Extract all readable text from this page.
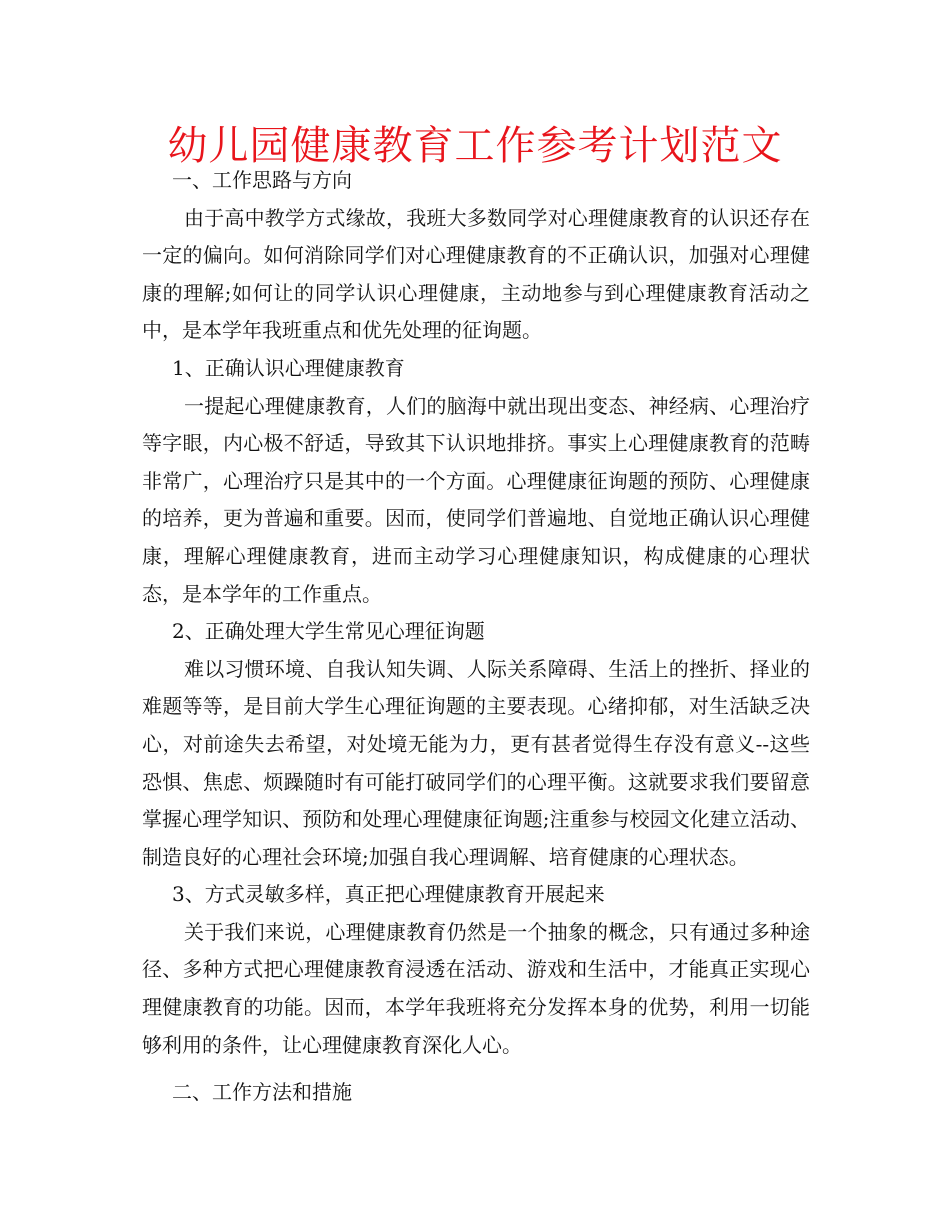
幼儿园健康教育工作参考计划范文

一、工作思路与方向

由于高中教学方式缘故，我班大多数同学对心理健康教育的认识还存在一定的偏向。如何消除同学们对心理健康教育的不正确认识，加强对心理健康的理解;如何让的同学认识心理健康，主动地参与到心理健康教育活动之中，是本学年我班重点和优先处理的征询题。

1、正确认识心理健康教育

一提起心理健康教育，人们的脑海中就出现出变态、神经病、心理治疗等字眼，内心极不舒适，导致其下认识地排挤。事实上心理健康教育的范畴非常广，心理治疗只是其中的一个方面。心理健康征询题的预防、心理健康的培养，更为普遍和重要。因而，使同学们普遍地、自觉地正确认识心理健康，理解心理健康教育，进而主动学习心理健康知识，构成健康的心理状态，是本学年的工作重点。

2、正确处理大学生常见心理征询题

难以习惯环境、自我认知失调、人际关系障碍、生活上的挫折、择业的难题等等，是目前大学生心理征询题的主要表现。心绪抑郁，对生活缺乏决心，对前途失去希望，对处境无能为力，更有甚者觉得生存没有意义--这些恐惧、焦虑、烦躁随时有可能打破同学们的心理平衡。这就要求我们要留意掌握心理学知识、预防和处理心理健康征询题;注重参与校园文化建立活动、制造良好的心理社会环境;加强自我心理调解、培育健康的心理状态。

3、方式灵敏多样，真正把心理健康教育开展起来

关于我们来说，心理健康教育仍然是一个抽象的概念，只有通过多种途径、多种方式把心理健康教育浸透在活动、游戏和生活中，才能真正实现心理健康教育的功能。因而，本学年我班将充分发挥本身的优势，利用一切能够利用的条件，让心理健康教育深化人心。

二、工作方法和措施
